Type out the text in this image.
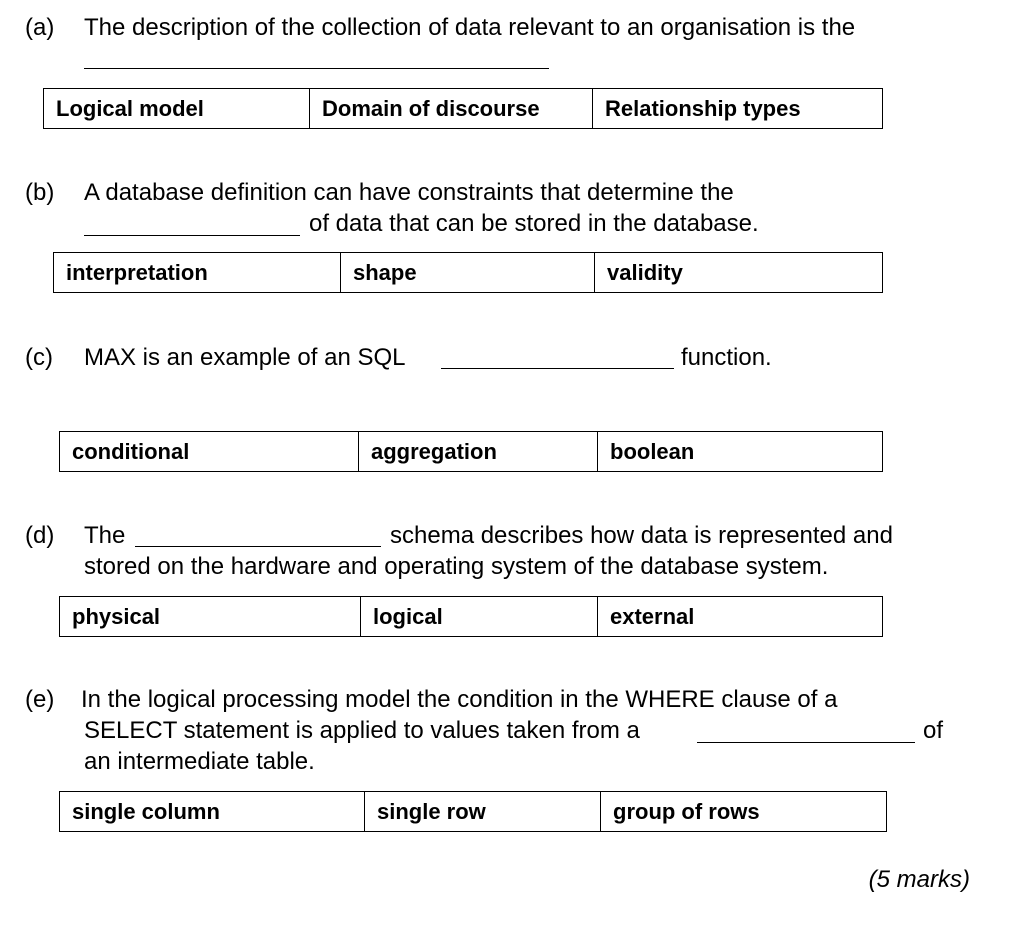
(a) The description of the collection of data relevant to an organisation is the
Logical model	Domain of discourse	Relationship types
(b) A database definition can have constraints that determine the
of data that can be stored in the database.
interpretation	shape	validity
(c) MAX is an example of an SQL	function.
conditional	aggregation	boolean
(d) The	schema describes how data is represented and
stored on the hardware and operating system of the database system.
physical	logical	external
(e) In the logical processing model the condition in the WHERE clause of a
SELECT statement is applied to values taken from a	of
an intermediate table.
single column	single row	group of rows
(5 marks)
